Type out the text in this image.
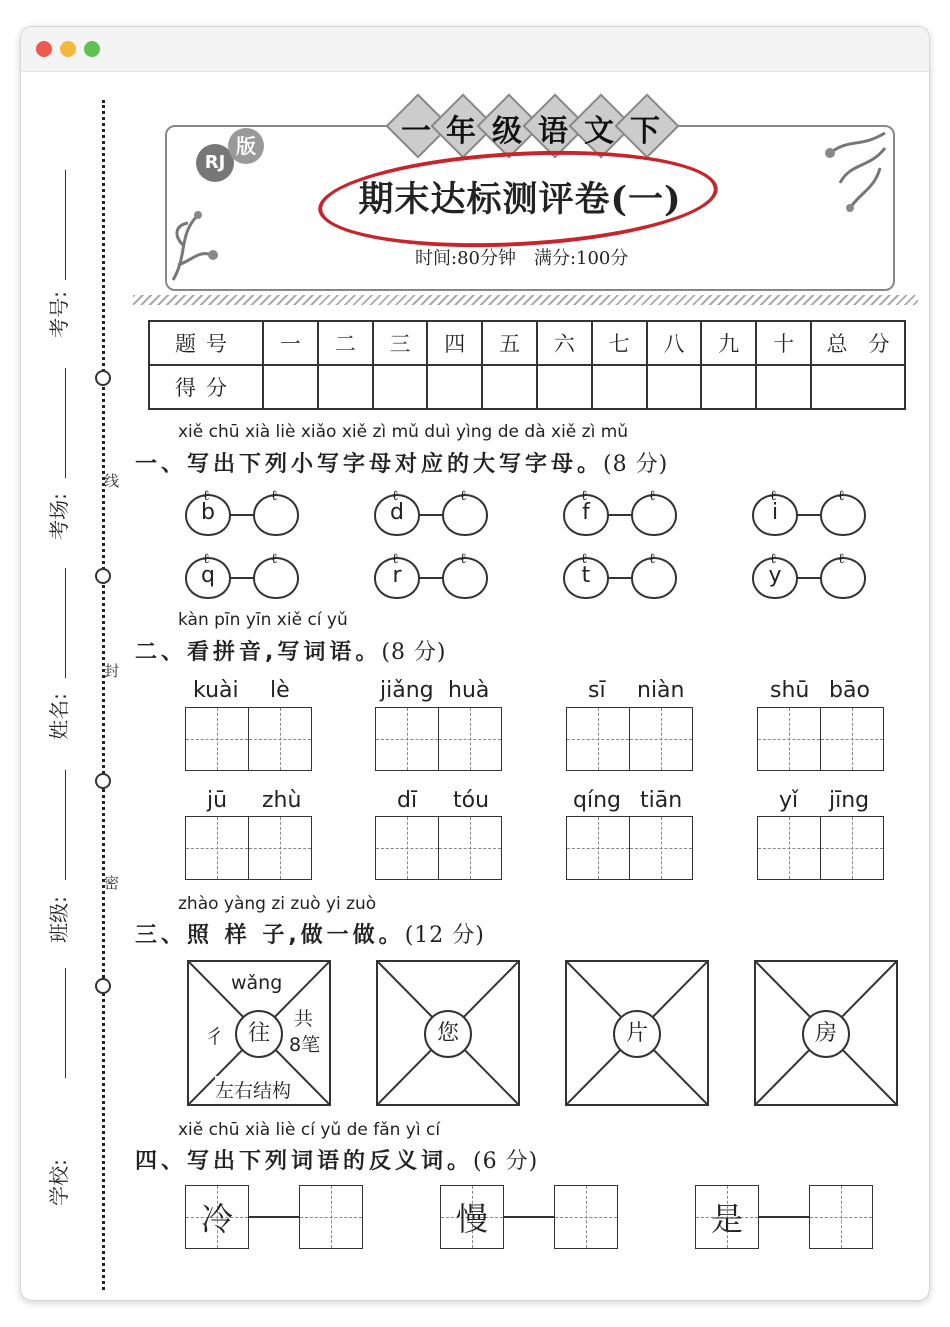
线
封
密
考号:
考场:
姓名:
班级:
学校:
一 年 级 语 文 下
RJ
版
期末达标测评卷(一)
时间:80分钟　满分:100分
题号	一	二	三	四	五	六	七	八	九	十	总　分
得分											
xiě chū xià liè xiǎo xiě zì mǔ duì yìng de dà xiě zì mǔ
一、写出下列小写字母对应的大写字母。(8 分)
ℓ
b
ℓ	ℓ
d
ℓ	ℓ
f
ℓ	ℓ
i
ℓ
ℓ
q
ℓ	ℓ
r
ℓ	ℓ
t
ℓ	ℓ
y
ℓ
kàn pīn yīn xiě cí yǔ
二、看拼音,写词语。(8 分)
kuài lè	jiǎng huà	sī niàn	shū bāo
jū zhù	dī tóu	qíng tiān	yǐ jīng
zhào yàng zi zuò yi zuò
三、照 样 子,做一做。(12 分)
wǎng
彳
共
8笔
左右结构
往	您	片	房
xiě chū xià liè cí yǔ de fǎn yì cí
四、写出下列词语的反义词。(6 分)
冷	慢	是
